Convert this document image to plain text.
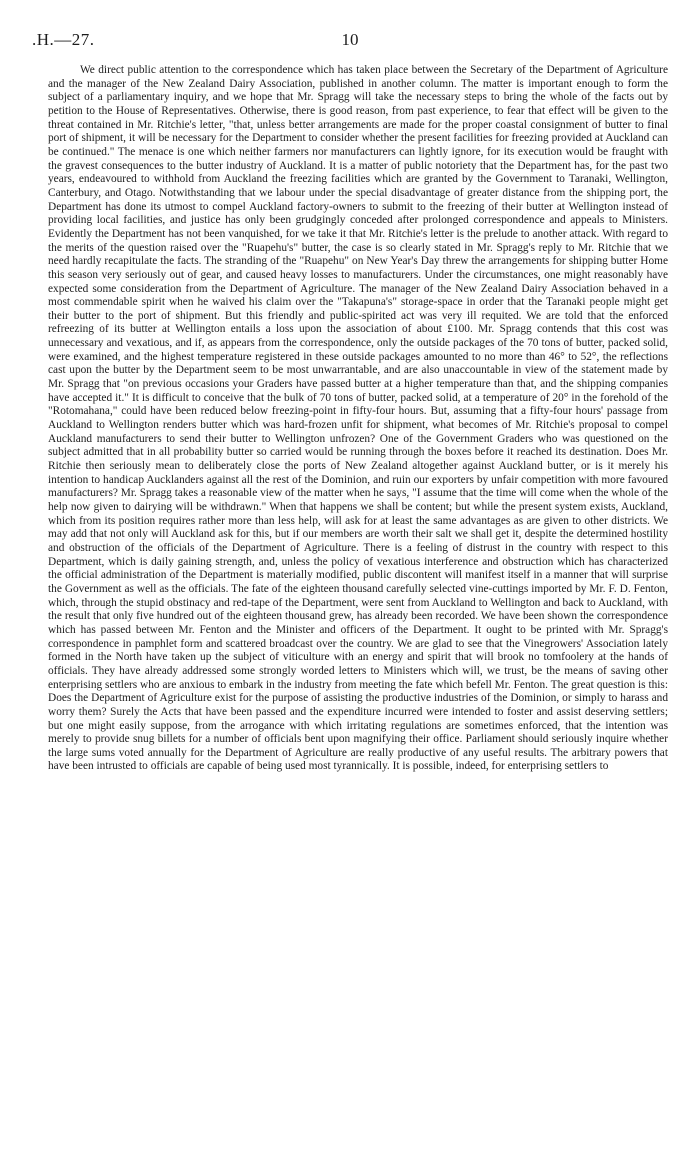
.H.—27.	10

We direct public attention to the correspondence which has taken place between the Secretary of the Department of Agriculture and the manager of the New Zealand Dairy Association, published in another column. The matter is important enough to form the subject of a parliamentary inquiry, and we hope that Mr. Spragg will take the necessary steps to bring the whole of the facts out by petition to the House of Representatives. Otherwise, there is good reason, from past experience, to fear that effect will be given to the threat contained in Mr. Ritchie's letter, "that, unless better arrangements are made for the proper coastal consignment of butter to final port of shipment, it will be necessary for the Department to consider whether the present facilities for freezing provided at Auckland can be continued." The menace is one which neither farmers nor manufacturers can lightly ignore, for its execution would be fraught with the gravest consequences to the butter industry of Auckland. It is a matter of public notoriety that the Department has, for the past two years, endeavoured to withhold from Auckland the freezing facilities which are granted by the Government to Taranaki, Wellington, Canterbury, and Otago. Notwithstanding that we labour under the special disadvantage of greater distance from the shipping port, the Department has done its utmost to compel Auckland factory-owners to submit to the freezing of their butter at Wellington instead of providing local facilities, and justice has only been grudgingly conceded after prolonged correspondence and appeals to Ministers. Evidently the Department has not been vanquished, for we take it that Mr. Ritchie's letter is the prelude to another attack. With regard to the merits of the question raised over the "Ruapehu's" butter, the case is so clearly stated in Mr. Spragg's reply to Mr. Ritchie that we need hardly recapitulate the facts. The stranding of the "Ruapehu" on New Year's Day threw the arrangements for shipping butter Home this season very seriously out of gear, and caused heavy losses to manufacturers. Under the circumstances, one might reasonably have expected some consideration from the Department of Agriculture. The manager of the New Zealand Dairy Association behaved in a most commendable spirit when he waived his claim over the "Takapuna's" storage-space in order that the Taranaki people might get their butter to the port of shipment. But this friendly and public-spirited act was very ill requited. We are told that the enforced refreezing of its butter at Wellington entails a loss upon the association of about £100. Mr. Spragg contends that this cost was unnecessary and vexatious, and if, as appears from the correspondence, only the outside packages of the 70 tons of butter, packed solid, were examined, and the highest temperature registered in these outside packages amounted to no more than 46° to 52°, the reflections cast upon the butter by the Department seem to be most unwarrantable, and are also unaccountable in view of the statement made by Mr. Spragg that "on previous occasions your Graders have passed butter at a higher temperature than that, and the shipping companies have accepted it." It is difficult to conceive that the bulk of 70 tons of butter, packed solid, at a temperature of 20° in the forehold of the "Rotomahana," could have been reduced below freezing-point in fifty-four hours. But, assuming that a fifty-four hours' passage from Auckland to Wellington renders butter which was hard-frozen unfit for shipment, what becomes of Mr. Ritchie's proposal to compel Auckland manufacturers to send their butter to Wellington unfrozen? One of the Government Graders who was questioned on the subject admitted that in all probability butter so carried would be running through the boxes before it reached its destination. Does Mr. Ritchie then seriously mean to deliberately close the ports of New Zealand altogether against Auckland butter, or is it merely his intention to handicap Aucklanders against all the rest of the Dominion, and ruin our exporters by unfair competition with more favoured manufacturers? Mr. Spragg takes a reasonable view of the matter when he says, "I assume that the time will come when the whole of the help now given to dairying will be withdrawn." When that happens we shall be content; but while the present system exists, Auckland, which from its position requires rather more than less help, will ask for at least the same advantages as are given to other districts. We may add that not only will Auckland ask for this, but if our members are worth their salt we shall get it, despite the determined hostility and obstruction of the officials of the Department of Agriculture. There is a feeling of distrust in the country with respect to this Department, which is daily gaining strength, and, unless the policy of vexatious interference and obstruction which has characterized the official administration of the Department is materially modified, public discontent will manifest itself in a manner that will surprise the Government as well as the officials. The fate of the eighteen thousand carefully selected vine-cuttings imported by Mr. F. D. Fenton, which, through the stupid obstinacy and red-tape of the Department, were sent from Auckland to Wellington and back to Auckland, with the result that only five hundred out of the eighteen thousand grew, has already been recorded. We have been shown the correspondence which has passed between Mr. Fenton and the Minister and officers of the Department. It ought to be printed with Mr. Spragg's correspondence in pamphlet form and scattered broadcast over the country. We are glad to see that the Vinegrowers' Association lately formed in the North have taken up the subject of viticulture with an energy and spirit that will brook no tomfoolery at the hands of officials. They have already addressed some strongly worded letters to Ministers which will, we trust, be the means of saving other enterprising settlers who are anxious to embark in the industry from meeting the fate which befell Mr. Fenton. The great question is this: Does the Department of Agriculture exist for the purpose of assisting the productive industries of the Dominion, or simply to harass and worry them? Surely the Acts that have been passed and the expenditure incurred were intended to foster and assist deserving settlers; but one might easily suppose, from the arrogance with which irritating regulations are sometimes enforced, that the intention was merely to provide snug billets for a number of officials bent upon magnifying their office. Parliament should seriously inquire whether the large sums voted annually for the Department of Agriculture are really productive of any useful results. The arbitrary powers that have been intrusted to officials are capable of being used most tyrannically. It is possible, indeed, for enterprising settlers to
